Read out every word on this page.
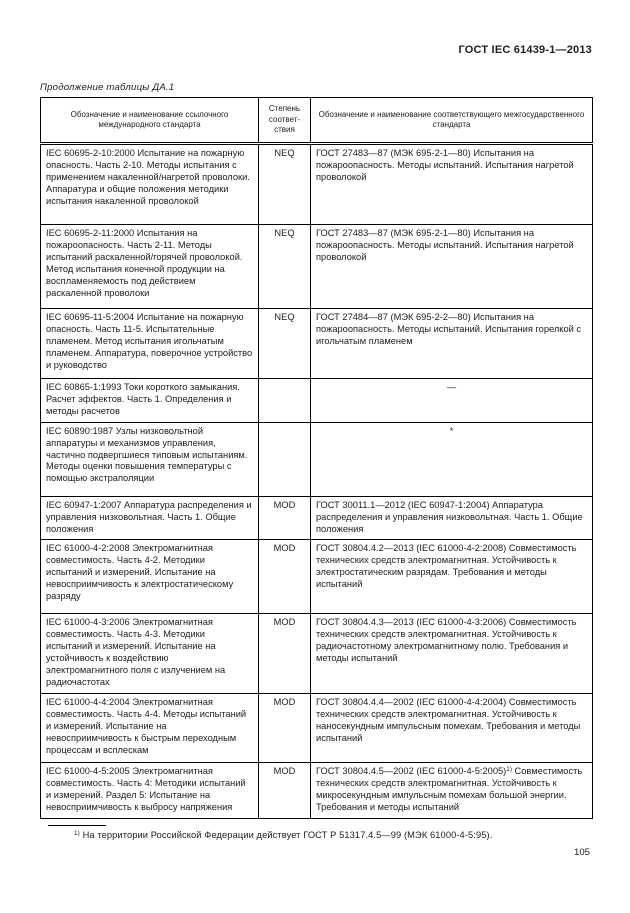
ГОСТ IEC 61439-1—2013
Продолжение таблицы ДА.1
Обозначение и наименование ссылочного международного стандарта	Степень соответ-ствия	Обозначение и наименование соответствующего межгосударственного стандарта
IEC 60695-2-10:2000 Испытание на пожарную опасность. Часть 2-10. Методы испытания с применением накаленной/нагретой проволоки. Аппаратура и общие положения методики испытания накаленной проволокой	NEQ	ГОСТ 27483—87 (МЭК 695-2-1—80) Испытания на пожароопасность. Методы испытаний. Испытания нагретой проволокой
IEC 60695-2-11:2000 Испытания на пожароопасность. Часть 2-11. Методы испытаний раскаленной/горячей проволокой. Метод испытания конечной продукции на воспламеняемость под действием раскаленной проволоки	NEQ	ГОСТ 27483—87 (МЭК 695-2-1—80) Испытания на пожароопасность. Методы испытаний. Испытания нагретой проволокой
IEC 60695-11-5:2004 Испытание на пожарную опасность. Часть 11-5. Испытательные пламенем. Метод испытания игольчатым пламенем. Аппаратура, поверочное устройство и руководство	NEQ	ГОСТ 27484—87 (МЭК 695-2-2—80) Испытания на пожароопасность. Методы испытаний. Испытания горелкой с игольчатым пламенем
IEC 60865-1:1993 Токи короткого замыкания. Расчет эффектов. Часть 1. Определения и методы расчетов		—
IEC 60890:1987 Узлы низковольтной аппаратуры и механизмов управления, частично подвергшиеся типовым испытаниям. Методы оценки повышения температуры с помощью экстраполяции		*
IEC 60947-1:2007 Аппаратура распределения и управления низковольтная. Часть 1. Общие положения	MOD	ГОСТ 30011.1—2012 (IEC 60947-1:2004) Аппаратура распределения и управления низковольтная. Часть 1. Общие положения
IEC 61000-4-2:2008 Электромагнитная совместимость. Часть 4-2. Методики испытаний и измерений. Испытание на невосприимчивость к электростатическому разряду	MOD	ГОСТ 30804.4.2—2013 (IEC 61000-4-2:2008) Совместимость технических средств электромагнитная. Устойчивость к электростатическим разрядам. Требования и методы испытаний
IEC 61000-4-3:2006 Электромагнитная совместимость. Часть 4-3. Методики испытаний и измерений. Испытание на устойчивость к воздействию электромагнитного поля с излучением на радиочастотах	MOD	ГОСТ 30804.4.3—2013 (IEC 61000-4-3:2006) Совместимость технических средств электромагнитная. Устойчивость к радиочастотному электромагнитному полю. Требования и методы испытаний
IEC 61000-4-4:2004 Электромагнитная совместимость. Часть 4-4. Методы испытаний и измерений. Испытание на невосприимчивость к быстрым переходным процессам и всплескам	MOD	ГОСТ 30804.4.4—2002 (IEC 61000-4-4:2004) Совместимость технических средств электромагнитная. Устойчивость к наносекундным импульсным помехам. Требования и методы испытаний
IEC 61000-4-5:2005 Электромагнитная совместимость. Часть 4: Методики испытаний и измерений. Раздел 5: Испытание на невосприимчивость к выбросу напряжения	MOD	ГОСТ 30804.4.5—2002 (IEC 61000-4-5:2005)$^{1)}$ Совместимость технических средств электромагнитная. Устойчивость к микросекундным импульсным помехам большой энергии. Требования и методы испытаний
$^{1)}$ На территории Российской Федерации действует ГОСТ Р 51317.4.5—99 (МЭК 61000-4-5:95).
105
